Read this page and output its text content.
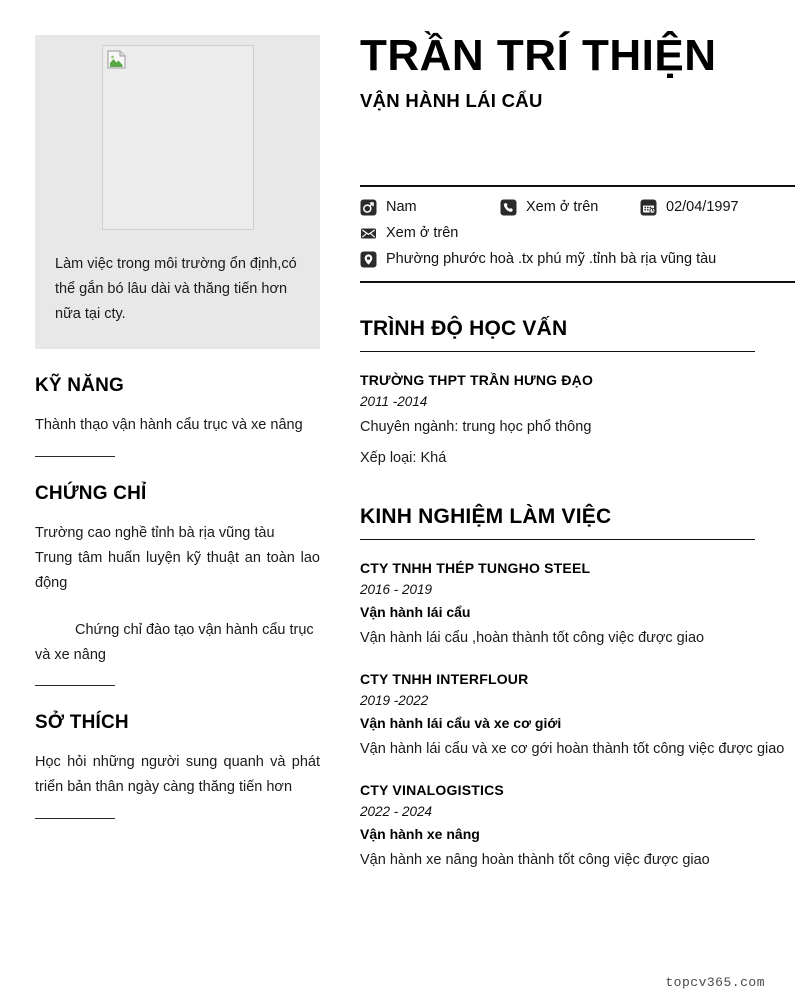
Làm việc trong môi trường ổn định,có thể gắn bó lâu dài và thăng tiến hơn nữa tại cty.
KỸ NĂNG

Thành thạo vận hành cẩu trục và xe nâng

CHỨNG CHỈ

Trường cao nghề tỉnh bà rịa vũng tàu

Trung tâm huấn luyện kỹ thuật an toàn lao động

Chứng chỉ đào tạo vận hành cẩu trục và xe nâng

SỞ THÍCH

Học hỏi những người sung quanh và phát triển bản thân ngày càng thăng tiến hơn

TRẦN TRÍ THIỆN
VẬN HÀNH LÁI CẨU
Nam	Xem ở trên	02/04/1997
Xem ở trên
Phường phước hoà .tx phú mỹ .tỉnh bà rịa vũng tàu
TRÌNH ĐỘ HỌC VẤN

TRƯỜNG THPT TRẦN HƯNG ĐẠO

2011 -2014

Chuyên ngành: trung học phổ thông

Xếp loại: Khá

KINH NGHIỆM LÀM VIỆC

CTY TNHH THÉP TUNGHO STEEL

2016 - 2019

Vận hành lái cẩu

Vận hành lái cẩu ,hoàn thành tốt công việc được giao

CTY TNHH INTERFLOUR

2019 -2022

Vận hành lái cẩu và xe cơ giới

Vận hành lái cẩu và xe cơ gới hoàn thành tốt công việc được giao

CTY VINALOGISTICS

2022 - 2024

Vận hành xe nâng

Vận hành xe nâng hoàn thành tốt công việc được giao

topcv365.com
